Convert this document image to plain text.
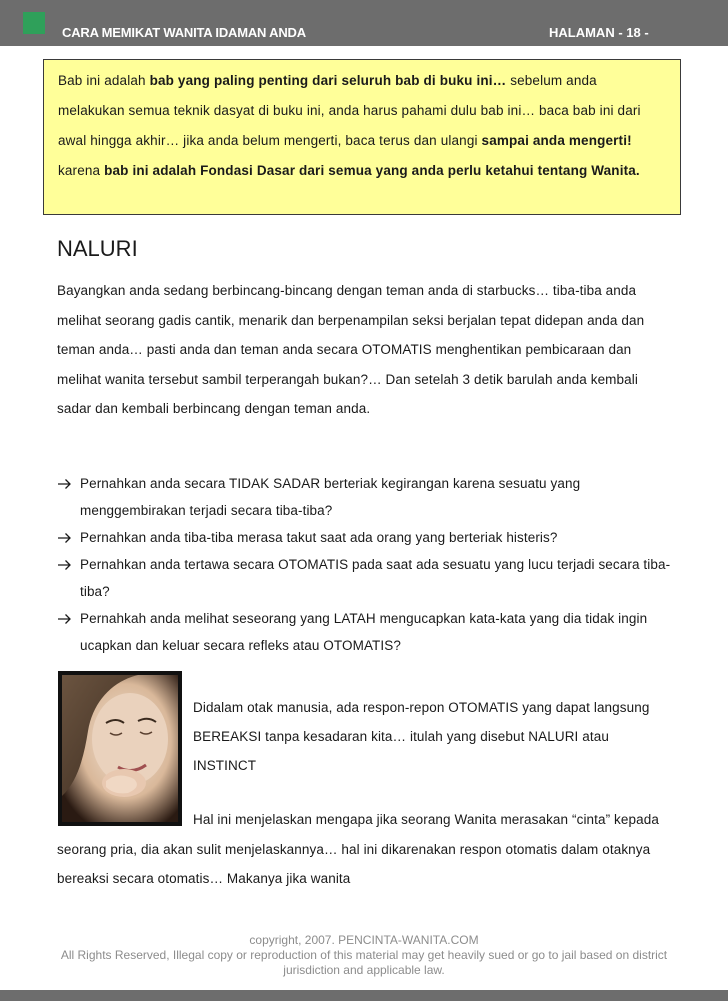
CARA MEMIKAT WANITA IDAMAN ANDA	HALAMAN - 18 -
Bab ini adalah bab yang paling penting dari seluruh bab di buku ini… sebelum anda melakukan semua teknik dasyat di buku ini, anda harus pahami dulu bab ini… baca bab ini dari awal hingga akhir… jika anda belum mengerti, baca terus dan ulangi sampai anda mengerti! karena bab ini adalah Fondasi Dasar dari semua yang anda perlu ketahui tentang Wanita.
NALURI
Bayangkan anda sedang berbincang-bincang dengan teman anda di starbucks… tiba-tiba anda melihat seorang gadis cantik, menarik dan berpenampilan seksi berjalan tepat didepan anda dan teman anda… pasti anda dan teman anda secara OTOMATIS menghentikan pembicaraan dan melihat wanita tersebut sambil terperangah bukan?… Dan setelah 3 detik barulah anda kembali sadar dan kembali berbincang dengan teman anda.
Pernahkan anda secara TIDAK SADAR berteriak kegirangan karena sesuatu yang menggembirakan terjadi secara tiba-tiba?
Pernahkan anda tiba-tiba merasa takut saat ada orang yang berteriak histeris?
Pernahkan anda tertawa secara OTOMATIS pada saat ada sesuatu yang lucu terjadi secara tiba-tiba?
Pernahkah anda melihat seseorang yang LATAH mengucapkan kata-kata yang dia tidak ingin ucapkan dan keluar secara refleks atau OTOMATIS?
Didalam otak manusia, ada respon-repon OTOMATIS yang dapat langsung BEREAKSI tanpa kesadaran kita… itulah yang disebut NALURI atau INSTINCT
Hal ini menjelaskan mengapa jika seorang Wanita merasakan “cinta” kepada seorang pria, dia akan sulit menjelaskannya… hal ini dikarenakan respon otomatis dalam otaknya bereaksi secara otomatis… Makanya jika wanita
copyright, 2007. PENCINTA-WANITA.COM
All Rights Reserved, Illegal copy or reproduction of this material may get heavily sued or go to jail based on district jurisdiction and applicable law.
